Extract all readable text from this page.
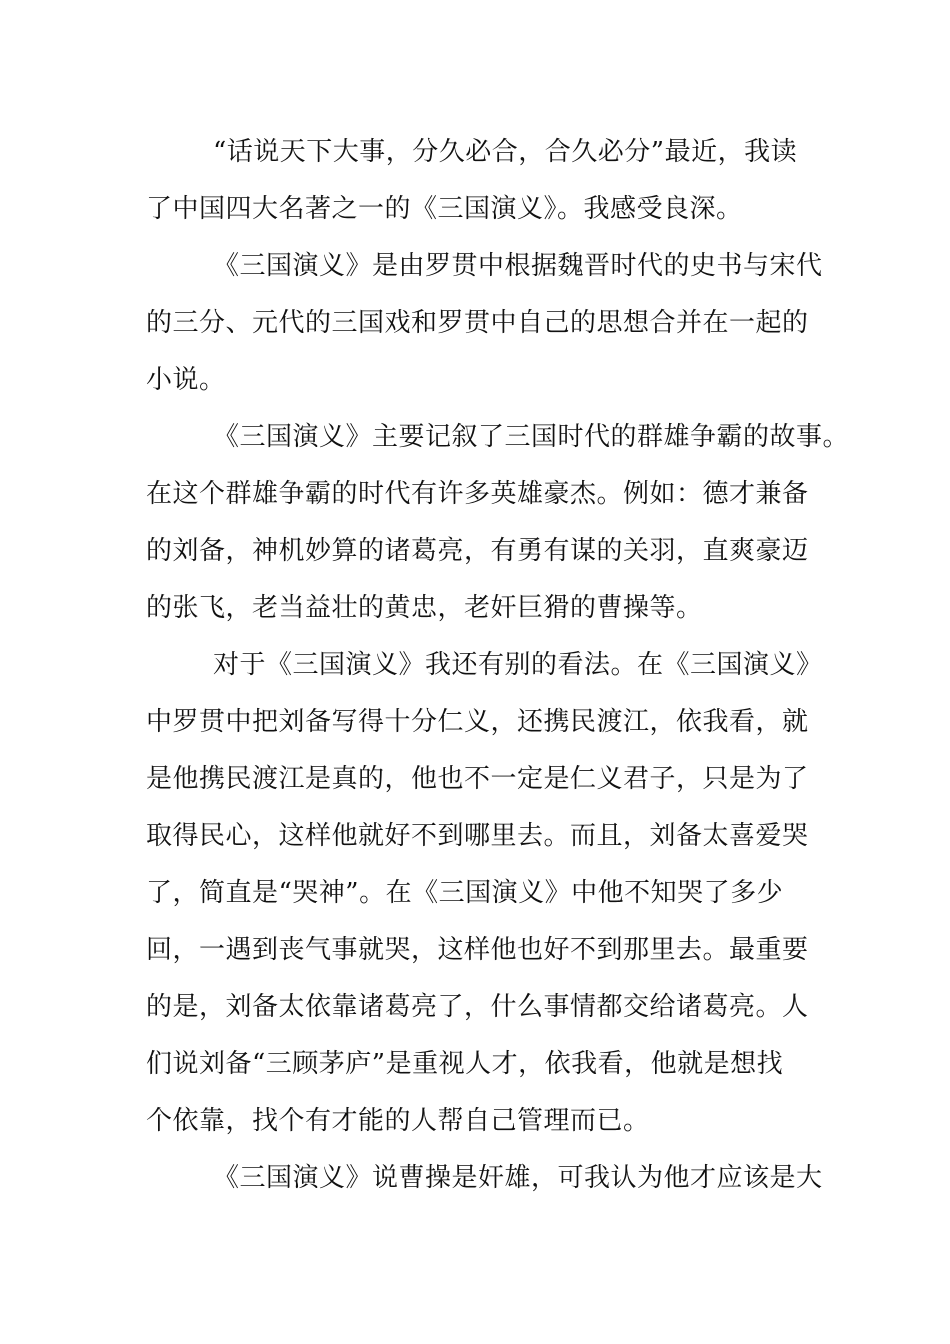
“话说天下大事，分久必合，合久必分”最近，我读
了中国四大名著之一的《三国演义》。我感受良深。
《三国演义》是由罗贯中根据魏晋时代的史书与宋代
的三分、元代的三国戏和罗贯中自己的思想合并在一起的
小说。
《三国演义》主要记叙了三国时代的群雄争霸的故事。
在这个群雄争霸的时代有许多英雄豪杰。例如：德才兼备
的刘备，神机妙算的诸葛亮，有勇有谋的关羽，直爽豪迈
的张飞，老当益壮的黄忠，老奸巨猾的曹操等。
对于《三国演义》我还有别的看法。在《三国演义》
中罗贯中把刘备写得十分仁义，还携民渡江，依我看，就
是他携民渡江是真的，他也不一定是仁义君子，只是为了
取得民心，这样他就好不到哪里去。而且，刘备太喜爱哭
了，简直是“哭神”。在《三国演义》中他不知哭了多少
回，一遇到丧气事就哭，这样他也好不到那里去。最重要
的是，刘备太依靠诸葛亮了，什么事情都交给诸葛亮。人
们说刘备“三顾茅庐”是重视人才，依我看，他就是想找
个依靠，找个有才能的人帮自己管理而已。
《三国演义》说曹操是奸雄，可我认为他才应该是大
